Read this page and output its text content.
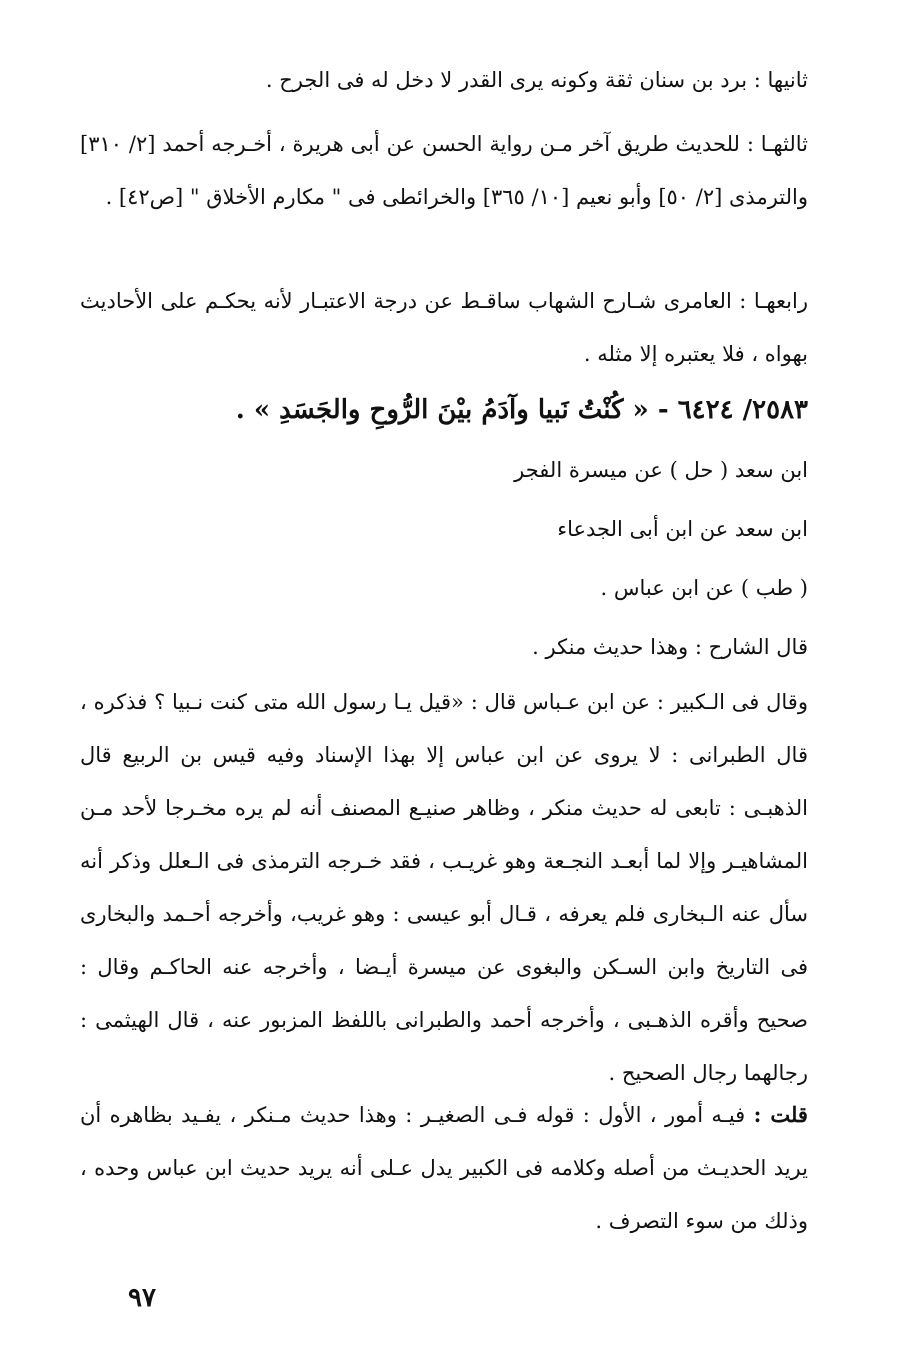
ثانيها : برد بن سنان ثقة وكونه يرى القدر لا دخل له فى الجرح .

ثالثهـا : للحديث طريق آخر مـن رواية الحسن عن أبى هريرة ، أخـرجه أحمد [٢/ ٣١٠] والترمذى [٢/ ٥٠] وأبو نعيم [١٠/ ٣٦٥] والخرائطى فى " مكارم الأخلاق " [ص٤٢] .

رابعهـا : العامرى شـارح الشهاب ساقـط عن درجة الاعتبـار لأنه يحكـم على الأحاديث بهواه ، فلا يعتبره إلا مثله .

٢٥٨٣/ ٦٤٢٤ - « كُنْتُ نَبيا وآدَمُ بيْنَ الرُّوحِ والجَسَدِ » .
ابن سعد ( حل ) عن ميسرة الفجر
ابن سعد عن ابن أبى الجدعاء
( طب ) عن ابن عباس .
قال الشارح : وهذا حديث منكر .

وقال فى الـكبير : عن ابن عـباس قال : «قيل يـا رسول الله متى كنت نـبيا ؟ فذكره ، قال الطبرانى : لا يروى عن ابن عباس إلا بهذا الإسناد وفيه قيس بن الربيع قال الذهبـى : تابعى له حديث منكر ، وظاهر صنيـع المصنف أنه لم يره مخـرجا لأحد مـن المشاهيـر وإلا لما أبعـد النجـعة وهو غريـب ، فقد خـرجه الترمذى فى الـعلل وذكر أنه سأل عنه الـبخارى فلم يعرفه ، قـال أبو عيسى : وهو غريب، وأخرجه أحـمد والبخارى فى التاريخ وابن السـكن والبغوى عن ميسرة أيـضا ، وأخرجه عنه الحاكـم وقال : صحيح وأقره الذهـبى ، وأخرجه أحمد والطبرانى باللفظ المزبور عنه ، قال الهيثمى : رجالهما رجال الصحيح .

قلت : فيـه أمور ، الأول : قوله فـى الصغيـر : وهذا حديث مـنكر ، يفـيد بظاهره أن يريد الحديـث من أصله وكلامه فى الكبير يدل عـلى أنه يريد حديث ابن عباس وحده ، وذلك من سوء التصرف .

٩٧
